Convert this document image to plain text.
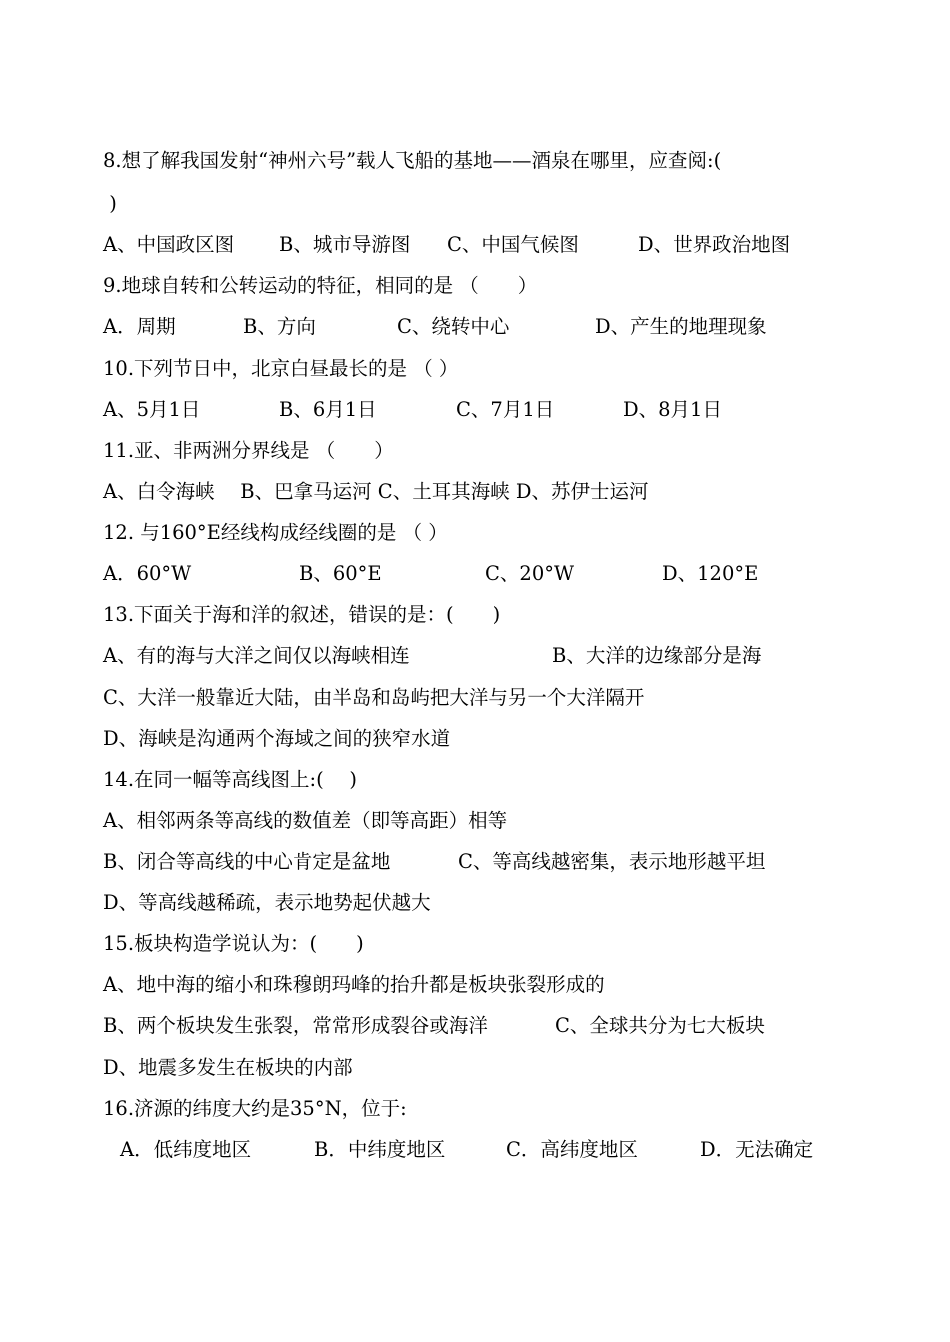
8.想了解我国发射“神州六号”载人飞船的基地——酒泉在哪里，应查阅:(
)

A、中国政区图

B、城市导游图

C、中国气候图

	D、世界政治地图

9.地球自转和公转运动的特征，相同的是 （　　）

A．周期

	B、方向

	C、绕转中心

	D、产生的地理现象

10.下列节日中，北京白昼最长的是 （ ）

A、5月1日

	B、6月1日

	C、7月1日

	D、8月1日

11.亚、非两洲分界线是 （　　）
A、白令海峡　 B、巴拿马运河 C、土耳其海峡 D、苏伊士运河
12. 与160°E经线构成经线圈的是 （ ）

A．60°W

	B、60°E

	C、20°W

	D、120°E

13.下面关于海和洋的叙述，错误的是：(　　)

A、有的海与大洋之间仅以海峡相连

	B、大洋的边缘部分是海

C、大洋一般靠近大陆，由半岛和岛屿把大洋与另一个大洋隔开
D、海峡是沟通两个海域之间的狭窄水道
14.在同一幅等高线图上:(　 )
A、相邻两条等高线的数值差（即等高距）相等

B、闭合等高线的中心肯定是盆地

	C、等高线越密集，表示地形越平坦

D、等高线越稀疏，表示地势起伏越大
15.板块构造学说认为：(　　)
A、地中海的缩小和珠穆朗玛峰的抬升都是板块张裂形成的

B、两个板块发生张裂，常常形成裂谷或海洋

	C、全球共分为七大板块

D、地震多发生在板块的内部
16.济源的纬度大约是35°N，位于:

A．低纬度地区

	B．中纬度地区

	C．高纬度地区

	D．无法确定
